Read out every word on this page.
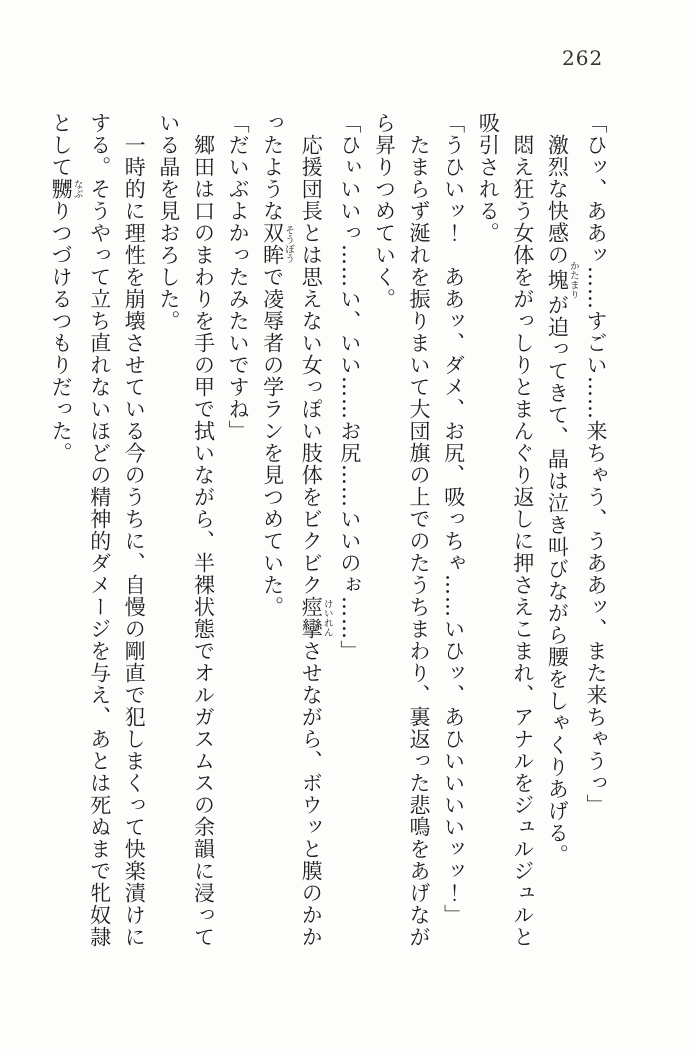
262

「ひッ、ああッ……すごい……来ちゃう、うああッ、また来ちゃうっ」

激烈な快感の塊かたまりが迫ってきて、晶は泣き叫びながら腰をしゃくりあげる。

悶え狂う女体をがっしりとまんぐり返しに押さえこまれ、アナルをジュルジュルと

吸引される。

「うひいッ！　ああッ、ダメ、お尻、吸っちゃ……いひッ、あひいいいいッッ！」

たまらず涎れを振りまいて大団旗の上でのたうちまわり、裏返った悲鳴をあげなが

ら昇りつめていく。

「ひぃいいっ……い、いい……お尻……いいのぉ……」

応援団長とは思えない女っぽい肢体をビクビク痙攣けいれんさせながら、ボウッと膜のかか

ったような双眸そうぼうで凌辱者の学ランを見つめていた。

「だいぶよかったみたいですね」

郷田は口のまわりを手の甲で拭いながら、半裸状態でオルガスムスの余韻に浸って

いる晶を見おろした。

一時的に理性を崩壊させている今のうちに、自慢の剛直で犯しまくって快楽漬けに

する。そうやって立ち直れないほどの精神的ダメージを与え、あとは死ぬまで牝奴隷

として嬲なぶりつづけるつもりだった。
